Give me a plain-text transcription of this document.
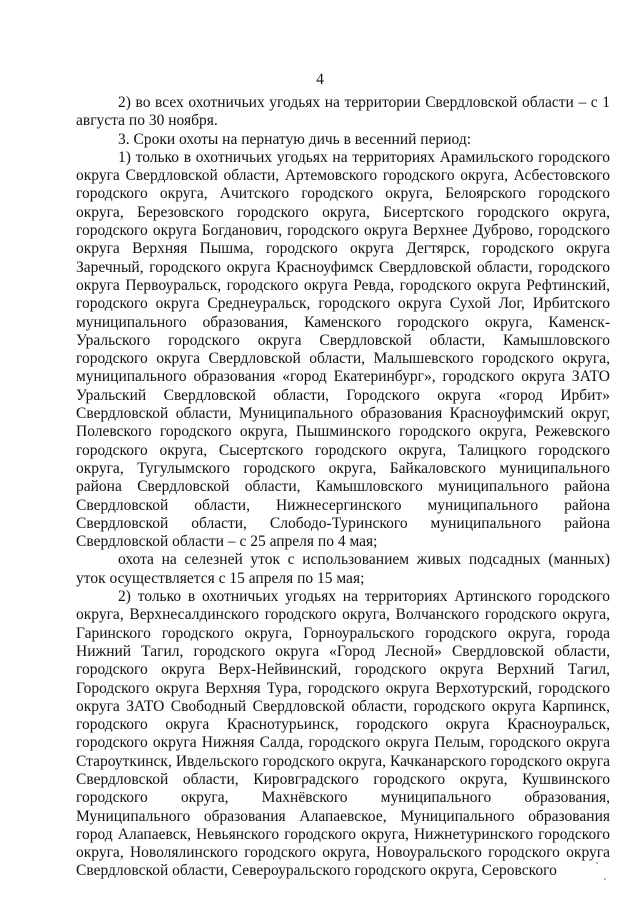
4

2) во всех охотничьих угодьях на территории Свердловской области – с 1 августа по 30 ноября.

3. Сроки охоты на пернатую дичь в весенний период:

1) только в охотничьих угодьях на территориях Арамильского городского округа Свердловской области, Артемовского городского округа, Асбестовского городского округа, Ачитского городского округа, Белоярского городского округа, Березовского городского округа, Бисертского городского округа, городского округа Богданович, городского округа Верхнее Дуброво, городского округа Верхняя Пышма, городского округа Дегтярск, городского округа Заречный, городского округа Красноуфимск Свердловской области, городского округа Первоуральск, городского округа Ревда, городского округа Рефтинский, городского округа Среднеуральск, городского округа Сухой Лог, Ирбитского муниципального образования, Каменского городского округа, Каменск-Уральского городского округа Свердловской области, Камышловского городского округа Свердловской области, Малышевского городского округа, муниципального образования «город Екатеринбург», городского округа ЗАТО Уральский Свердловской области, Городского округа «город Ирбит» Свердловской области, Муниципального образования Красноуфимский округ, Полевского городского округа, Пышминского городского округа, Режевского городского округа, Сысертского городского округа, Талицкого городского округа, Тугулымского городского округа, Байкаловского муниципального района Свердловской области, Камышловского муниципального района Свердловской области, Нижнесергинского муниципального района Свердловской области, Слободо-Туринского муниципального района Свердловской области – с 25 апреля по 4 мая;

охота на селезней уток с использованием живых подсадных (манных) уток осуществляется с 15 апреля по 15 мая;

2) только в охотничьих угодьях на территориях Артинского городского округа, Верхнесалдинского городского округа, Волчанского городского округа, Гаринского городского округа, Горноуральского городского округа, города Нижний Тагил, городского округа «Город Лесной» Свердловской области, городского округа Верх-Нейвинский, городского округа Верхний Тагил, Городского округа Верхняя Тура, городского округа Верхотурский, городского округа ЗАТО Свободный Свердловской области, городского округа Карпинск, городского округа Краснотурьинск, городского округа Красноуральск, городского округа Нижняя Салда, городского округа Пелым, городского округа Староуткинск, Ивдельского городского округа, Качканарского городского округа Свердловской области, Кировградского городского округа, Кушвинского городского округа, Махнёвского муниципального образования, Муниципального образования Алапаевское, Муниципального образования город Алапаевск, Невьянского городского округа, Нижнетуринского городского округа, Новолялинского городского округа, Новоуральского городского округа Свердловской области, Североуральского городского округа, Серовского
